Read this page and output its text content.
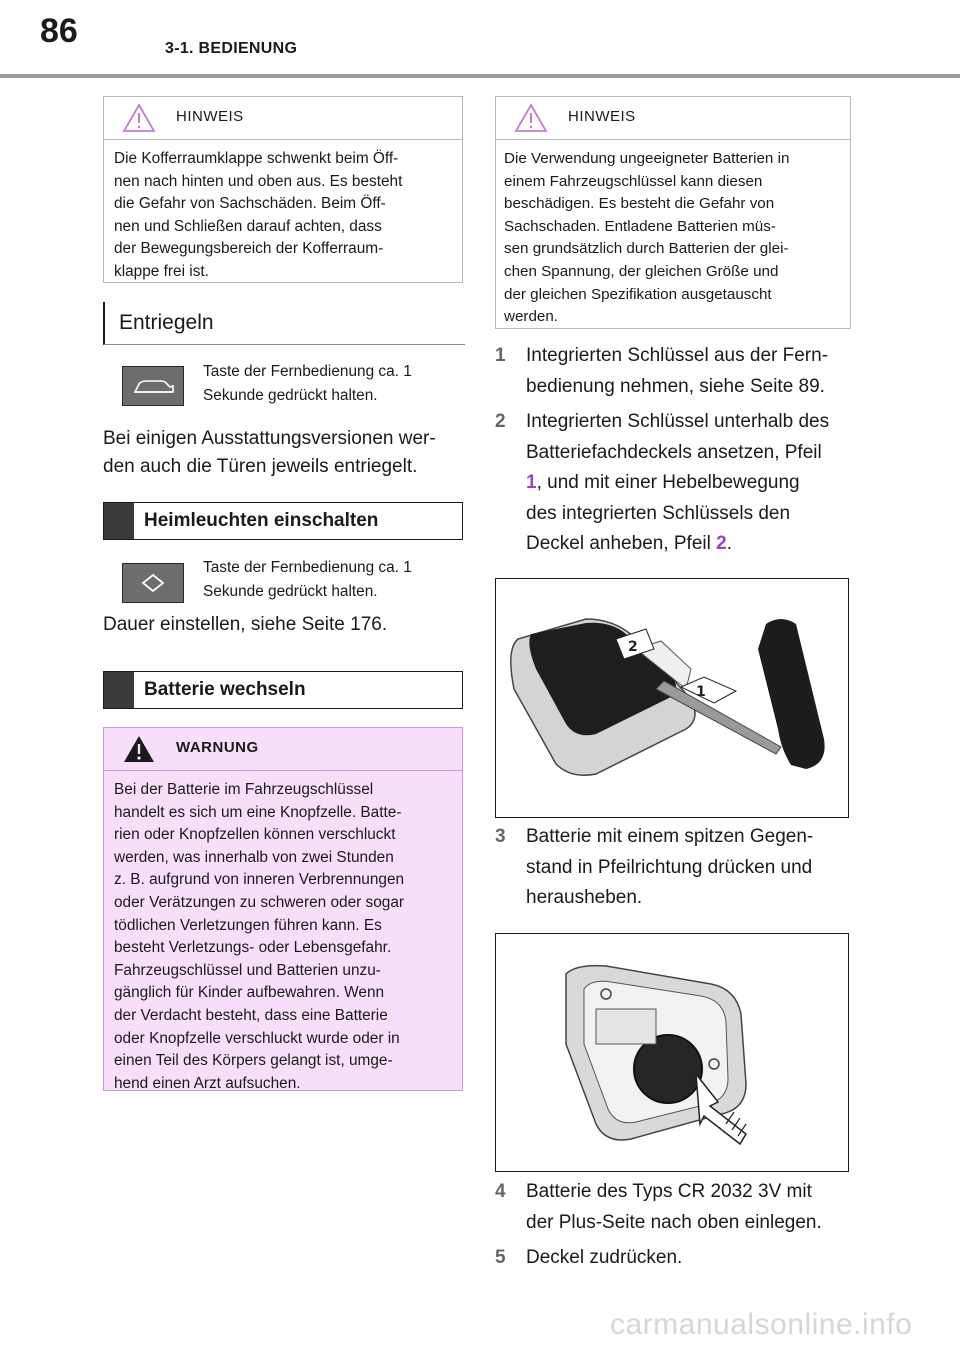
86	3-1. BEDIENUNG
HINWEIS
Die Kofferraumklappe schwenkt beim Öff-
nen nach hinten und oben aus. Es besteht
die Gefahr von Sachschäden. Beim Öff-
nen und Schließen darauf achten, dass
der Bewegungsbereich der Kofferraum-
klappe frei ist.
Entriegeln
Taste der Fernbedienung ca. 1
Sekunde gedrückt halten.
Bei einigen Ausstattungsversionen wer-
den auch die Türen jeweils entriegelt.
Heimleuchten einschalten
Taste der Fernbedienung ca. 1
Sekunde gedrückt halten.
Dauer einstellen, siehe Seite 176.
Batterie wechseln
WARNUNG
Bei der Batterie im Fahrzeugschlüssel
handelt es sich um eine Knopfzelle. Batte-
rien oder Knopfzellen können verschluckt
werden, was innerhalb von zwei Stunden
z. B. aufgrund von inneren Verbrennungen
oder Verätzungen zu schweren oder sogar
tödlichen Verletzungen führen kann. Es
besteht Verletzungs- oder Lebensgefahr.
Fahrzeugschlüssel und Batterien unzu-
gänglich für Kinder aufbewahren. Wenn
der Verdacht besteht, dass eine Batterie
oder Knopfzelle verschluckt wurde oder in
einen Teil des Körpers gelangt ist, umge-
hend einen Arzt aufsuchen.
HINWEIS
Die Verwendung ungeeigneter Batterien in
einem Fahrzeugschlüssel kann diesen
beschädigen. Es besteht die Gefahr von
Sachschaden. Entladene Batterien müs-
sen grundsätzlich durch Batterien der glei-
chen Spannung, der gleichen Größe und
der gleichen Spezifikation ausgetauscht
werden.
1 Integrierten Schlüssel aus der Fern-
bedienung nehmen, siehe Seite 89.
2 Integrierten Schlüssel unterhalb des
Batteriefachdeckels ansetzen, Pfeil
1, und mit einer Hebelbewegung
des integrierten Schlüssels den
Deckel anheben, Pfeil 2.
2
1
3 Batterie mit einem spitzen Gegen-
stand in Pfeilrichtung drücken und
herausheben.
4 Batterie des Typs CR 2032 3V mit
der Plus-Seite nach oben einlegen.
5 Deckel zudrücken.
carmanualsonline.info
